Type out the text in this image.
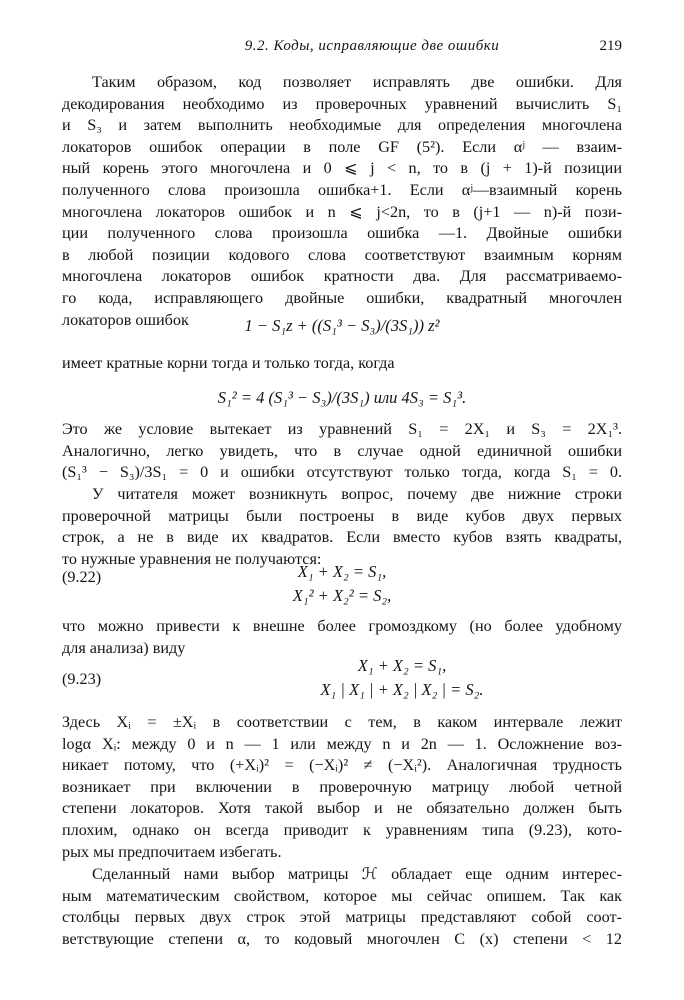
9.2. Коды, исправляющие две ошибки	219
Таким образом, код позволяет исправлять две ошибки. Для
декодирования необходимо из проверочных уравнений вычислить S₁
и S₃ и затем выполнить необходимые для определения многочлена
локаторов ошибок операции в поле GF (5²). Если αʲ — взаим-
ный корень этого многочлена и 0 ⩽ j < n, то в (j + 1)-й позиции
полученного слова произошла ошибка+1. Если αʲ—взаимный корень
многочлена локаторов ошибок и n ⩽ j<2n, то в (j+1 — n)-й пози-
ции полученного слова произошла ошибка —1. Двойные ошибки
в любой позиции кодового слова соответствуют взаимным корням
многочлена локаторов ошибок кратности два. Для рассматриваемо-
го кода, исправляющего двойные ошибки, квадратный многочлен
локаторов ошибок	1 − S₁z + ((S₁³ − S₃)/(3S₁)) z²
имеет кратные корни тогда и только тогда, когда
S₁² = 4 (S₁³ − S₃)/(3S₁) или 4S₃ = S₁³.
Это же условие вытекает из уравнений S₁ = 2X₁ и S₃ = 2X₁³.
Аналогично, легко увидеть, что в случае одной единичной ошибки
(S₁³ − S₃)/3S₁ = 0 и ошибки отсутствуют только тогда, когда S₁ = 0.
У читателя может возникнуть вопрос, почему две нижние строки
проверочной матрицы были построены в виде кубов двух первых
строк, а не в виде их квадратов. Если вместо кубов взять квадраты,
то нужные уравнения не получаются:
(9.22)	X₁ + X₂ = S₁,
X₁² + X₂² = S₂,
что можно привести к внешне более громоздкому (но более удобному
для анализа) виду
(9.23)
X₁ + X₂ = S₁,
X₁ | X₁ | + X₂ | X₂ | = S₂.
Здесь Xᵢ = ±Xᵢ в соответствии с тем, в каком интервале лежит
logα Xᵢ: между 0 и n — 1 или между n и 2n — 1. Осложнение воз-
никает потому, что (+Xᵢ)² = (−Xᵢ)² ≠ (−Xᵢ²). Аналогичная трудность
возникает при включении в проверочную матрицу любой четной
степени локаторов. Хотя такой выбор и не обязательно должен быть
плохим, однако он всегда приводит к уравнениям типа (9.23), кото-
рых мы предпочитаем избегать.
Сделанный нами выбор матрицы ℋ обладает еще одним интерес-
ным математическим свойством, которое мы сейчас опишем. Так как
столбцы первых двух строк этой матрицы представляют собой соот-
ветствующие степени α, то кодовый многочлен C (x) степени < 12
